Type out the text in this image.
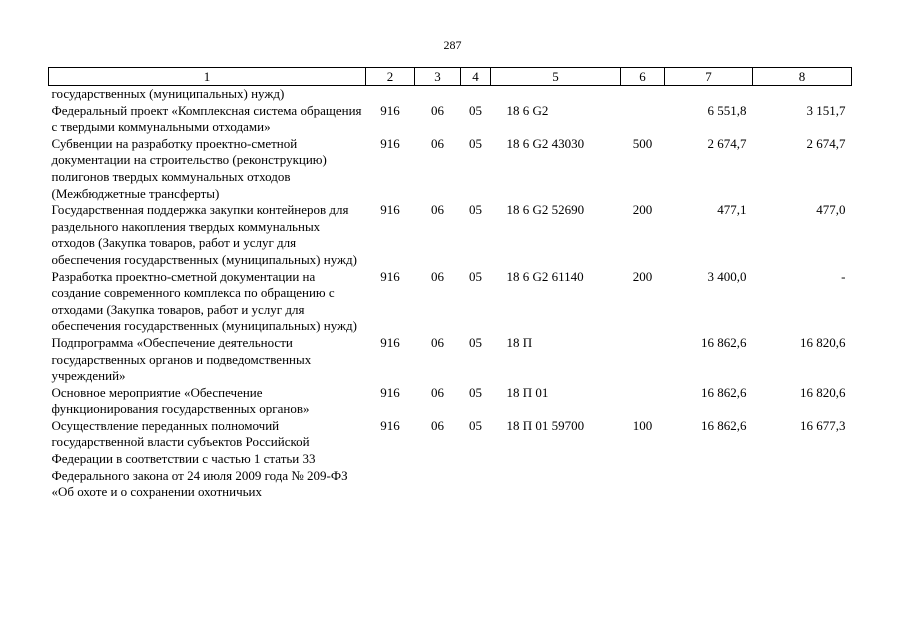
287
1	2	3	4	5	6	7	8
государственных (муниципальных) нужд)							
Федеральный проект «Комплексная система обращения с твердыми коммунальными отходами»	916	06	05	18 6 G2		6 551,8	3 151,7
Субвенции на разработку проектно-сметной документации на строительство (реконструкцию) полигонов твердых коммунальных отходов (Межбюджетные трансферты)	916	06	05	18 6 G2 43030	500	2 674,7	2 674,7
Государственная поддержка закупки контейнеров для раздельного накопления твердых коммунальных отходов (Закупка товаров, работ и услуг для обеспечения государственных (муниципальных) нужд)	916	06	05	18 6 G2 52690	200	477,1	477,0
Разработка проектно-сметной документации на создание современного комплекса по обращению с отходами (Закупка товаров, работ и услуг для обеспечения государственных (муниципальных) нужд)	916	06	05	18 6 G2 61140	200	3 400,0	-
Подпрограмма «Обеспечение деятельности государственных органов и подведомственных учреждений»	916	06	05	18 П		16 862,6	16 820,6
Основное мероприятие «Обеспечение функционирования государственных органов»	916	06	05	18 П 01		16 862,6	16 820,6
Осуществление переданных полномочий государственной власти субъектов Российской Федерации в соответствии с частью 1 статьи 33 Федерального закона от 24 июля 2009 года № 209-ФЗ «Об охоте и о сохранении охотничьих	916	06	05	18 П 01 59700	100	16 862,6	16 677,3
